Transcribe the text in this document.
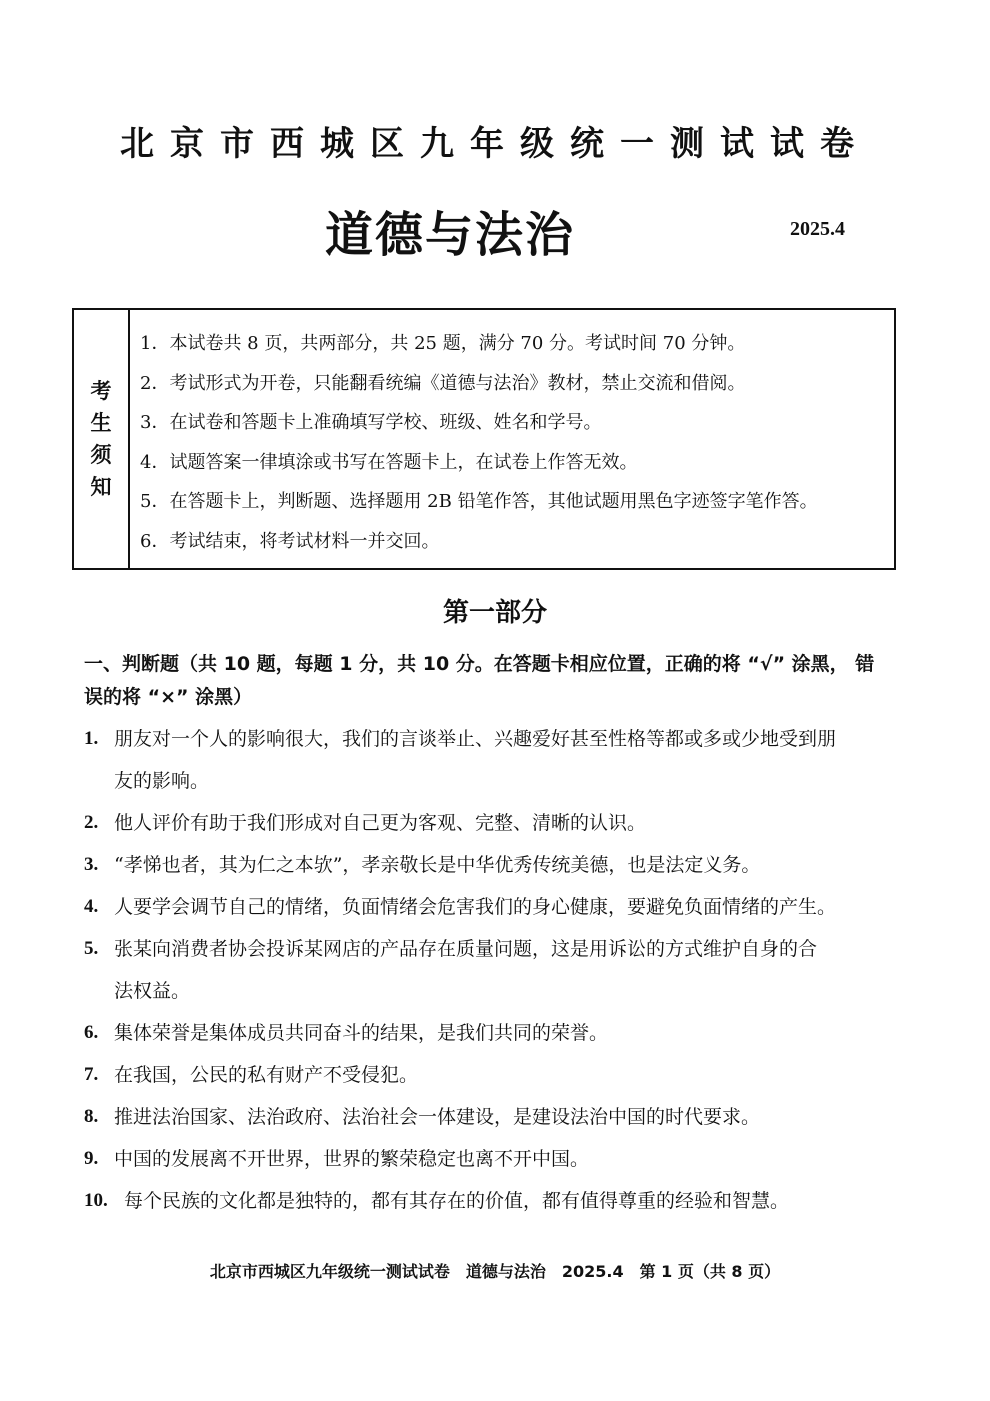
北京市西城区九年级统一测试试卷
道德与法治	2025.4
考
生
须
知
1．本试卷共 8 页，共两部分，共 25 题，满分 70 分。考试时间 70 分钟。
2．考试形式为开卷，只能翻看统编《道德与法治》教材，禁止交流和借阅。
3．在试卷和答题卡上准确填写学校、班级、姓名和学号。
4．试题答案一律填涂或书写在答题卡上，在试卷上作答无效。
5．在答题卡上，判断题、选择题用 2B 铅笔作答，其他试题用黑色字迹签字笔作答。
6．考试结束，将考试材料一并交回。
第一部分
一、判断题（共 10 题，每题 1 分，共 10 分。在答题卡相应位置，正确的将 “√” 涂黑， 错
误的将 “×” 涂黑）
1. 朋友对一个人的影响很大，我们的言谈举止、兴趣爱好甚至性格等都或多或少地受到朋
友的影响。
2. 他人评价有助于我们形成对自己更为客观、完整、清晰的认识。
3. “孝悌也者，其为仁之本欤”，孝亲敬长是中华优秀传统美德，也是法定义务。
4. 人要学会调节自己的情绪，负面情绪会危害我们的身心健康，要避免负面情绪的产生。
5. 张某向消费者协会投诉某网店的产品存在质量问题，这是用诉讼的方式维护自身的合
法权益。
6. 集体荣誉是集体成员共同奋斗的结果，是我们共同的荣誉。
7. 在我国，公民的私有财产不受侵犯。
8. 推进法治国家、法治政府、法治社会一体建设，是建设法治中国的时代要求。
9. 中国的发展离不开世界，世界的繁荣稳定也离不开中国。
10. 每个民族的文化都是独特的，都有其存在的价值，都有值得尊重的经验和智慧。
北京市西城区九年级统一测试试卷　道德与法治　2025.4　第 1 页（共 8 页）
